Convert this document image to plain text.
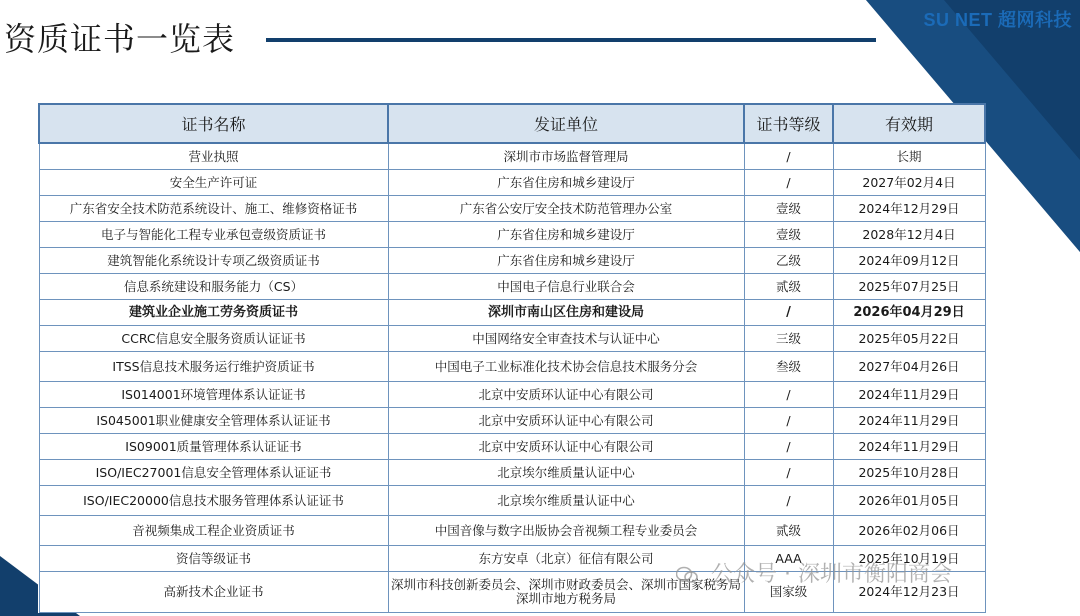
资质证书一览表	SU NET 超网科技
证书名称	发证单位	证书等级	有效期
营业执照	深圳市市场监督管理局	/	长期
安全生产许可证	广东省住房和城乡建设厅	/	2027年02月4日
广东省安全技术防范系统设计、施工、维修资格证书	广东省公安厅安全技术防范管理办公室	壹级	2024年12月29日
电子与智能化工程专业承包壹级资质证书	广东省住房和城乡建设厅	壹级	2028年12月4日
建筑智能化系统设计专项乙级资质证书	广东省住房和城乡建设厅	乙级	2024年09月12日
信息系统建设和服务能力（CS）	中国电子信息行业联合会	贰级	2025年07月25日
建筑业企业施工劳务资质证书	深圳市南山区住房和建设局	/	2026年04月29日
CCRC信息安全服务资质认证证书	中国网络安全审查技术与认证中心	三级	2025年05月22日
ITSS信息技术服务运行维护资质证书	中国电子工业标准化技术协会信息技术服务分会	叁级	2027年04月26日
IS014001环境管理体系认证证书	北京中安质环认证中心有限公司	/	2024年11月29日
IS045001职业健康安全管理体系认证证书	北京中安质环认证中心有限公司	/	2024年11月29日
IS09001质量管理体系认证证书	北京中安质环认证中心有限公司	/	2024年11月29日
ISO/IEC27001信息安全管理体系认证证书	北京埃尔维质量认证中心	/	2025年10月28日
ISO/IEC20000信息技术服务管理体系认证证书	北京埃尔维质量认证中心	/	2026年01月05日
音视频集成工程企业资质证书	中国音像与数字出版协会音视频工程专业委员会	贰级	2026年02月06日
资信等级证书	东方安卓（北京）征信有限公司	AAA	2025年10月19日
高新技术企业证书	深圳市科技创新委员会、深圳市财政委员会、深圳市国家税务局深圳市地方税务局	国家级	2024年12月23日
公众号 · 深圳市衡阳商会
